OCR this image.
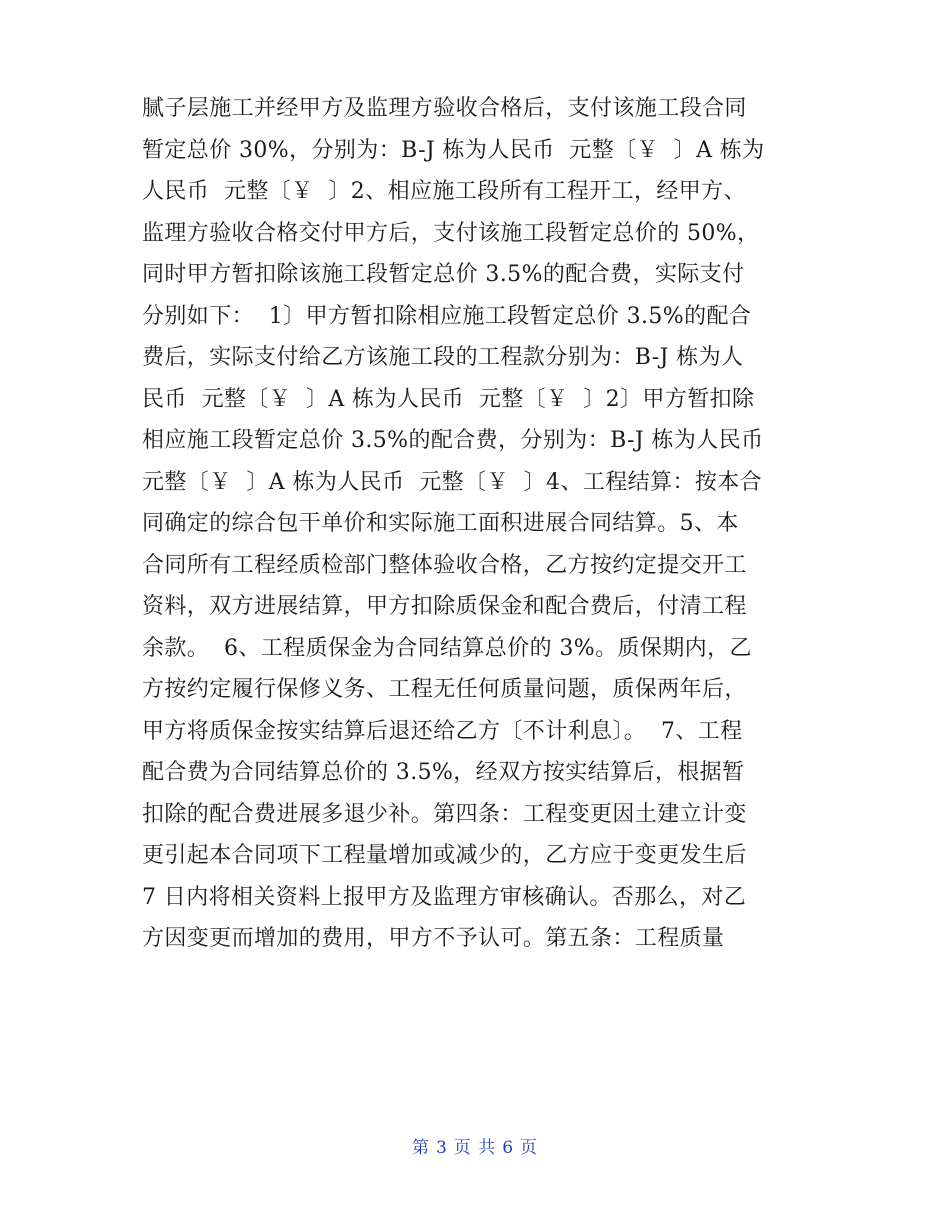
腻子层施工并经甲方及监理方验收合格后，支付该施工段合同
暂定总价 30%，分别为：B-J 栋为人民币  元整〔￥  〕A 栋为
人民币  元整〔￥  〕2、相应施工段所有工程开工，经甲方、
监理方验收合格交付甲方后，支付该施工段暂定总价的 50%，
同时甲方暂扣除该施工段暂定总价 3.5%的配合费，实际支付
分别如下：  1〕甲方暂扣除相应施工段暂定总价 3.5%的配合
费后，实际支付给乙方该施工段的工程款分别为：B-J 栋为人
民币  元整〔￥  〕A 栋为人民币  元整〔￥  〕2〕甲方暂扣除
相应施工段暂定总价 3.5%的配合费，分别为：B-J 栋为人民币
元整〔￥  〕A 栋为人民币  元整〔￥  〕4、工程结算：按本合
同确定的综合包干单价和实际施工面积进展合同结算。5、本
合同所有工程经质检部门整体验收合格，乙方按约定提交开工
资料，双方进展结算，甲方扣除质保金和配合费后，付清工程
余款。  6、工程质保金为合同结算总价的 3%。质保期内，乙
方按约定履行保修义务、工程无任何质量问题，质保两年后，
甲方将质保金按实结算后退还给乙方〔不计利息〕。  7、工程
配合费为合同结算总价的 3.5%，经双方按实结算后，根据暂
扣除的配合费进展多退少补。第四条：工程变更因土建立计变
更引起本合同项下工程量增加或减少的，乙方应于变更发生后
7 日内将相关资料上报甲方及监理方审核确认。否那么，对乙
方因变更而增加的费用，甲方不予认可。第五条：工程质量
第 3 页 共 6 页
